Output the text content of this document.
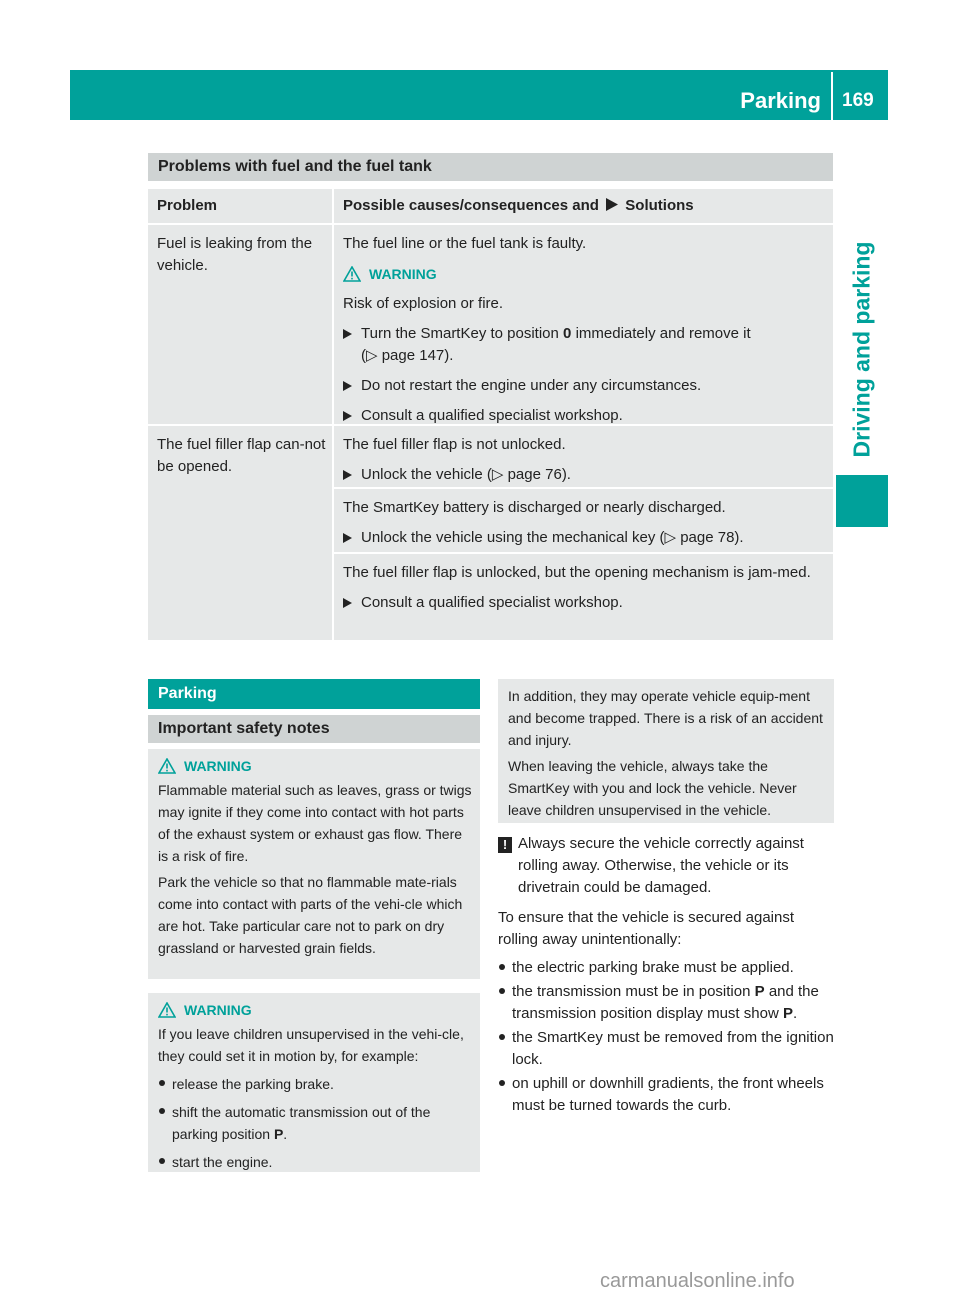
Parking 169
Driving and parking
Problems with fuel and the fuel tank
Problem	Possible causes/consequences and Solutions

Fuel is leaking from the vehicle.

The fuel line or the fuel tank is faulty.

WARNING

Risk of explosion or fire.

Turn the SmartKey to position 0 immediately and remove it
(▷ page 147).
Do not restart the engine under any circumstances.
Consult a qualified specialist workshop.

The fuel filler flap can-not be opened.

The fuel filler flap is not unlocked.

Unlock the vehicle (▷ page 76).

The SmartKey battery is discharged or nearly discharged.

Unlock the vehicle using the mechanical key (▷ page 78).

The fuel filler flap is unlocked, but the opening mechanism is jam-med.

Consult a qualified specialist workshop.
Parking
Important safety notes
WARNING

Flammable material such as leaves, grass or twigs may ignite if they come into contact with hot parts of the exhaust system or exhaust gas flow. There is a risk of fire.

Park the vehicle so that no flammable mate-rials come into contact with parts of the vehi-cle which are hot. Take particular care not to park on dry grassland or harvested grain fields.

WARNING

If you leave children unsupervised in the vehi-cle, they could set it in motion by, for example:

release the parking brake.
shift the automatic transmission out of the parking position P.
start the engine.

In addition, they may operate vehicle equip-ment and become trapped. There is a risk of an accident and injury.

When leaving the vehicle, always take the SmartKey with you and lock the vehicle. Never leave children unsupervised in the vehicle.

! Always secure the vehicle correctly against rolling away. Otherwise, the vehicle or its drivetrain could be damaged.

To ensure that the vehicle is secured against rolling away unintentionally:

the electric parking brake must be applied.
the transmission must be in position P and the transmission position display must show P.
the SmartKey must be removed from the ignition lock.
on uphill or downhill gradients, the front wheels must be turned towards the curb.
carmanualsonline.info
